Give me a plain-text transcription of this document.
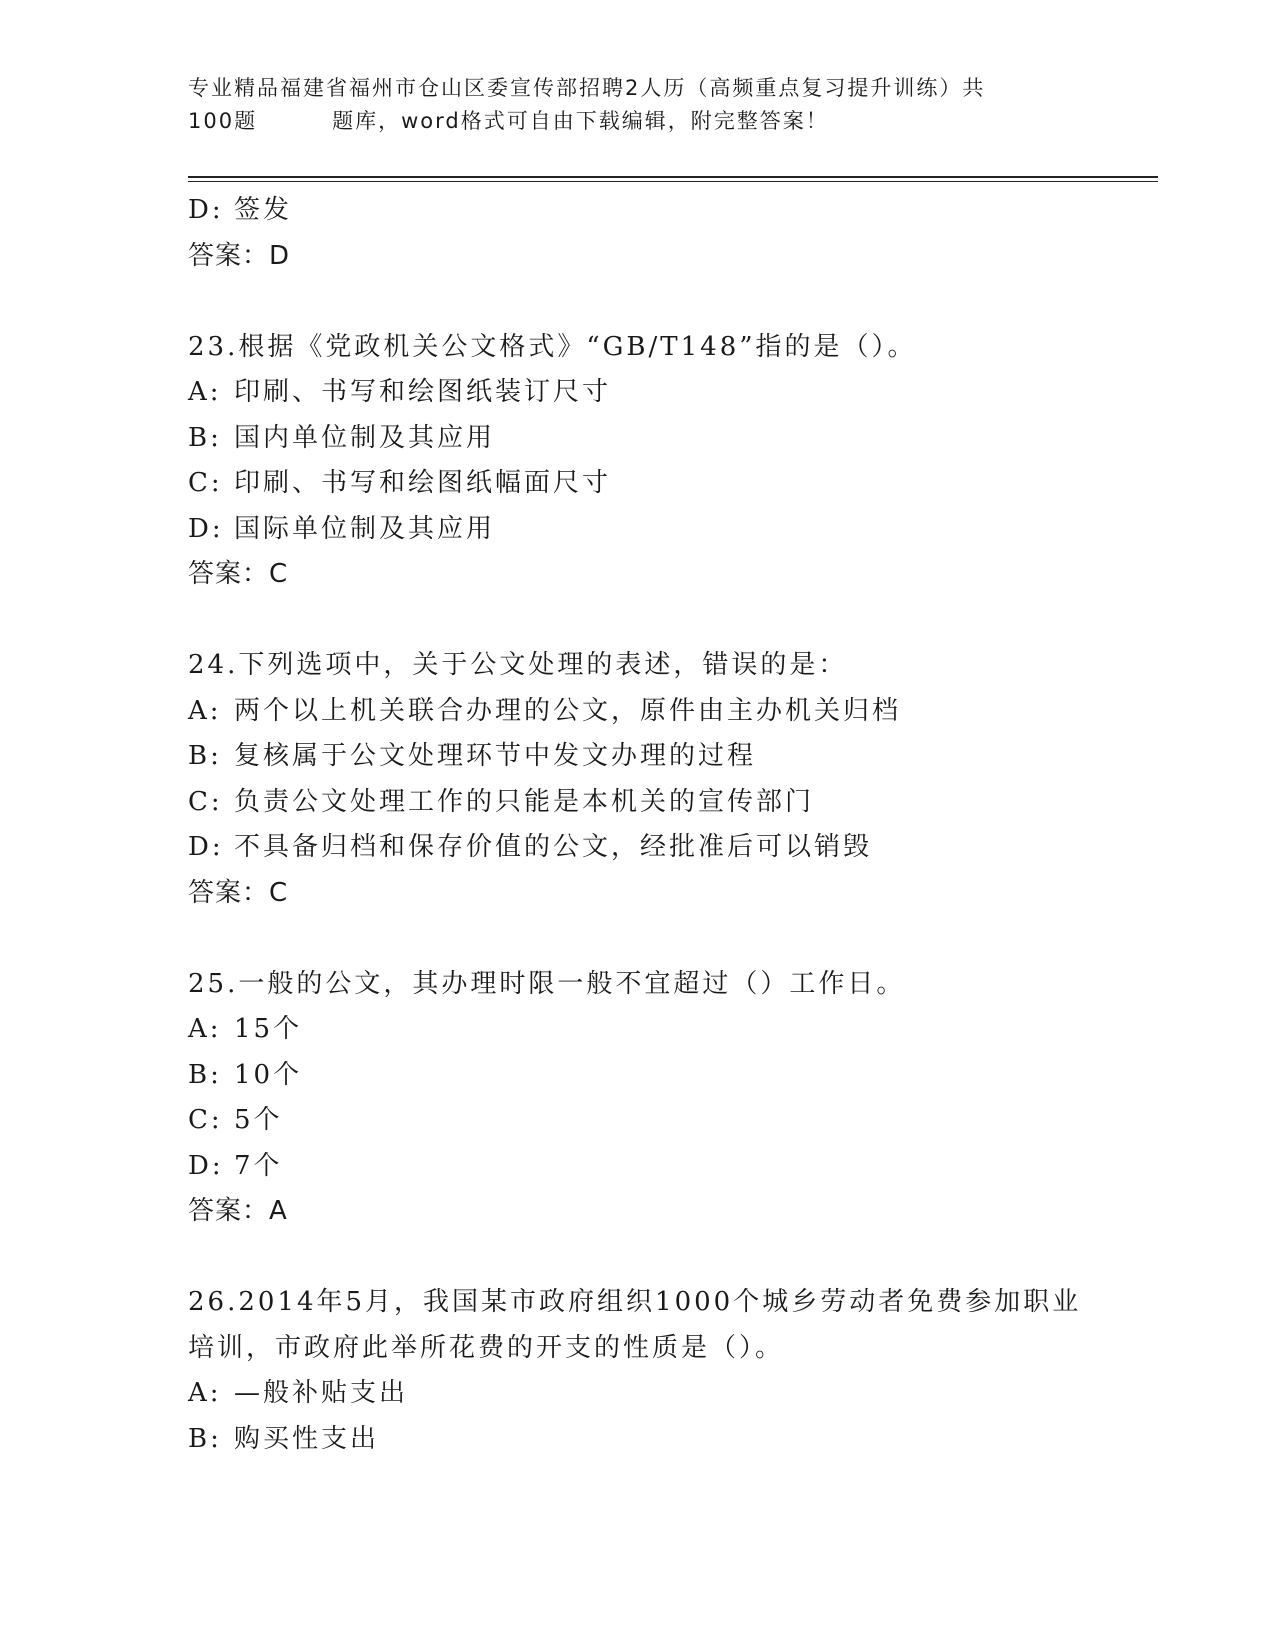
专业精品福建省福州市仓山区委宣传部招聘2人历（高频重点复习提升训练）共
100题	题库，word格式可自由下载编辑，附完整答案！
D: 签发
答案：D
23.根据《党政机关公文格式》“GB/T148”指的是（）。
A: 印刷、书写和绘图纸装订尺寸
B: 国内单位制及其应用
C: 印刷、书写和绘图纸幅面尺寸
D: 国际单位制及其应用
答案：C
24.下列选项中，关于公文处理的表述，错误的是：
A: 两个以上机关联合办理的公文，原件由主办机关归档
B: 复核属于公文处理环节中发文办理的过程
C: 负责公文处理工作的只能是本机关的宣传部门
D: 不具备归档和保存价值的公文，经批准后可以销毁
答案：C
25.一般的公文，其办理时限一般不宜超过（）工作日。
A: 15个
B: 10个
C: 5个
D: 7个
答案：A
26.2014年5月，我国某市政府组织1000个城乡劳动者免费参加职业
培训，市政府此举所花费的开支的性质是（）。
A: —般补贴支出
B: 购买性支出
